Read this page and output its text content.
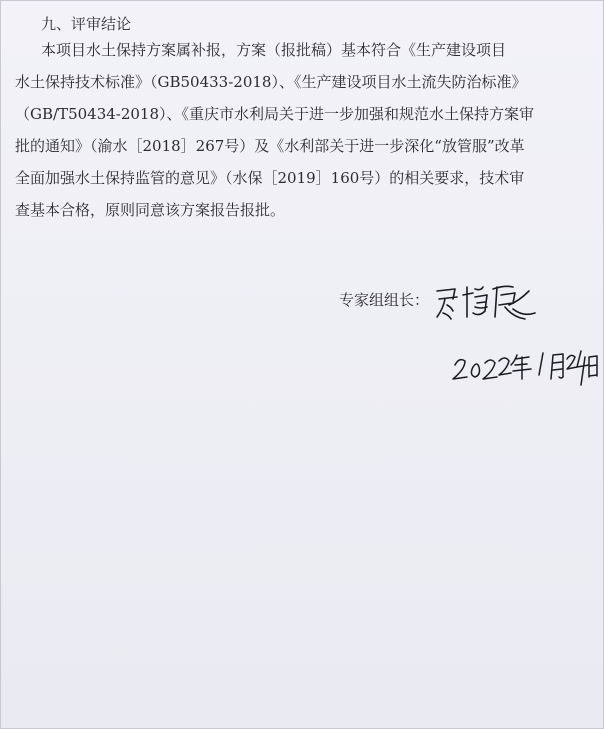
九、评审结论
本项目水土保持方案属补报，方案（报批稿）基本符合《生产建设项目
水土保持技术标准》（GB50433-2018）、《生产建设项目水土流失防治标准》
（GB/T50434-2018）、《重庆市水利局关于进一步加强和规范水土保持方案审
批的通知》（渝水［2018］267号）及《水利部关于进一步深化“放管服”改革
全面加强水土保持监管的意见》（水保［2019］160号）的相关要求，技术审
查基本合格，原则同意该方案报告报批。
专家组组长：
